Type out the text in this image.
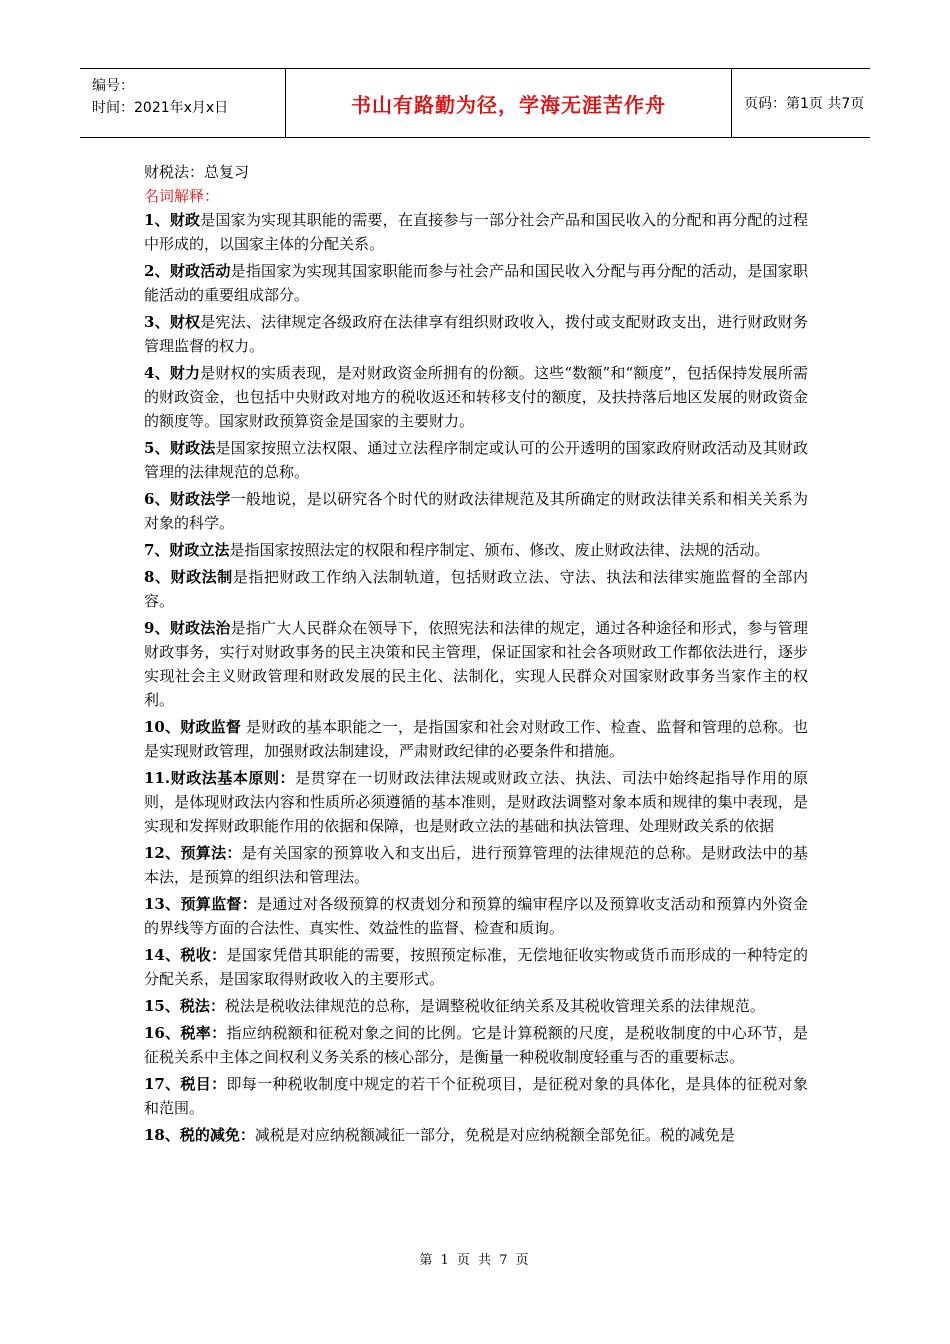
编号：
时间：2021年x月x日	书山有路勤为径，学海无涯苦作舟	页码：第1页 共7页

财税法：总复习

名词解释：

1、财政是国家为实现其职能的需要，在直接参与一部分社会产品和国民收入的分配和再分配的过程中形成的，以国家主体的分配关系。

2、财政活动是指国家为实现其国家职能而参与社会产品和国民收入分配与再分配的活动，是国家职能活动的重要组成部分。

3、财权是宪法、法律规定各级政府在法律享有组织财政收入，拨付或支配财政支出，进行财政财务管理监督的权力。

4、财力是财权的实质表现，是对财政资金所拥有的份额。这些“数额”和“额度”，包括保持发展所需的财政资金，也包括中央财政对地方的税收返还和转移支付的额度，及扶持落后地区发展的财政资金的额度等。国家财政预算资金是国家的主要财力。

5、财政法是国家按照立法权限、通过立法程序制定或认可的公开透明的国家政府财政活动及其财政管理的法律规范的总称。

6、财政法学一般地说，是以研究各个时代的财政法律规范及其所确定的财政法律关系和相关关系为对象的科学。

7、财政立法是指国家按照法定的权限和程序制定、颁布、修改、废止财政法律、法规的活动。

8、财政法制是指把财政工作纳入法制轨道，包括财政立法、守法、执法和法律实施监督的全部内容。

9、财政法治是指广大人民群众在领导下，依照宪法和法律的规定，通过各种途径和形式，参与管理财政事务，实行对财政事务的民主决策和民主管理，保证国家和社会各项财政工作都依法进行，逐步实现社会主义财政管理和财政发展的民主化、法制化，实现人民群众对国家财政事务当家作主的权利。

10、财政监督 是财政的基本职能之一，是指国家和社会对财政工作、检查、监督和管理的总称。也是实现财政管理，加强财政法制建设，严肃财政纪律的必要条件和措施。

11.财政法基本原则：是贯穿在一切财政法律法规或财政立法、执法、司法中始终起指导作用的原则，是体现财政法内容和性质所必须遵循的基本准则，是财政法调整对象本质和规律的集中表现，是实现和发挥财政职能作用的依据和保障，也是财政立法的基础和执法管理、处理财政关系的依据

12、预算法：是有关国家的预算收入和支出后，进行预算管理的法律规范的总称。是财政法中的基本法，是预算的组织法和管理法。

13、预算监督：是通过对各级预算的权责划分和预算的编审程序以及预算收支活动和预算内外资金的界线等方面的合法性、真实性、效益性的监督、检查和质询。

14、税收：是国家凭借其职能的需要，按照预定标准，无偿地征收实物或货币而形成的一种特定的分配关系，是国家取得财政收入的主要形式。

15、税法：税法是税收法律规范的总称，是调整税收征纳关系及其税收管理关系的法律规范。

16、税率：指应纳税额和征税对象之间的比例。它是计算税额的尺度，是税收制度的中心环节，是征税关系中主体之间权利义务关系的核心部分，是衡量一种税收制度轻重与否的重要标志。

17、税目：即每一种税收制度中规定的若干个征税项目，是征税对象的具体化，是具体的征税对象和范围。

18、税的减免：减税是对应纳税额减征一部分，免税是对应纳税额全部免征。税的减免是

第 1 页 共 7 页
